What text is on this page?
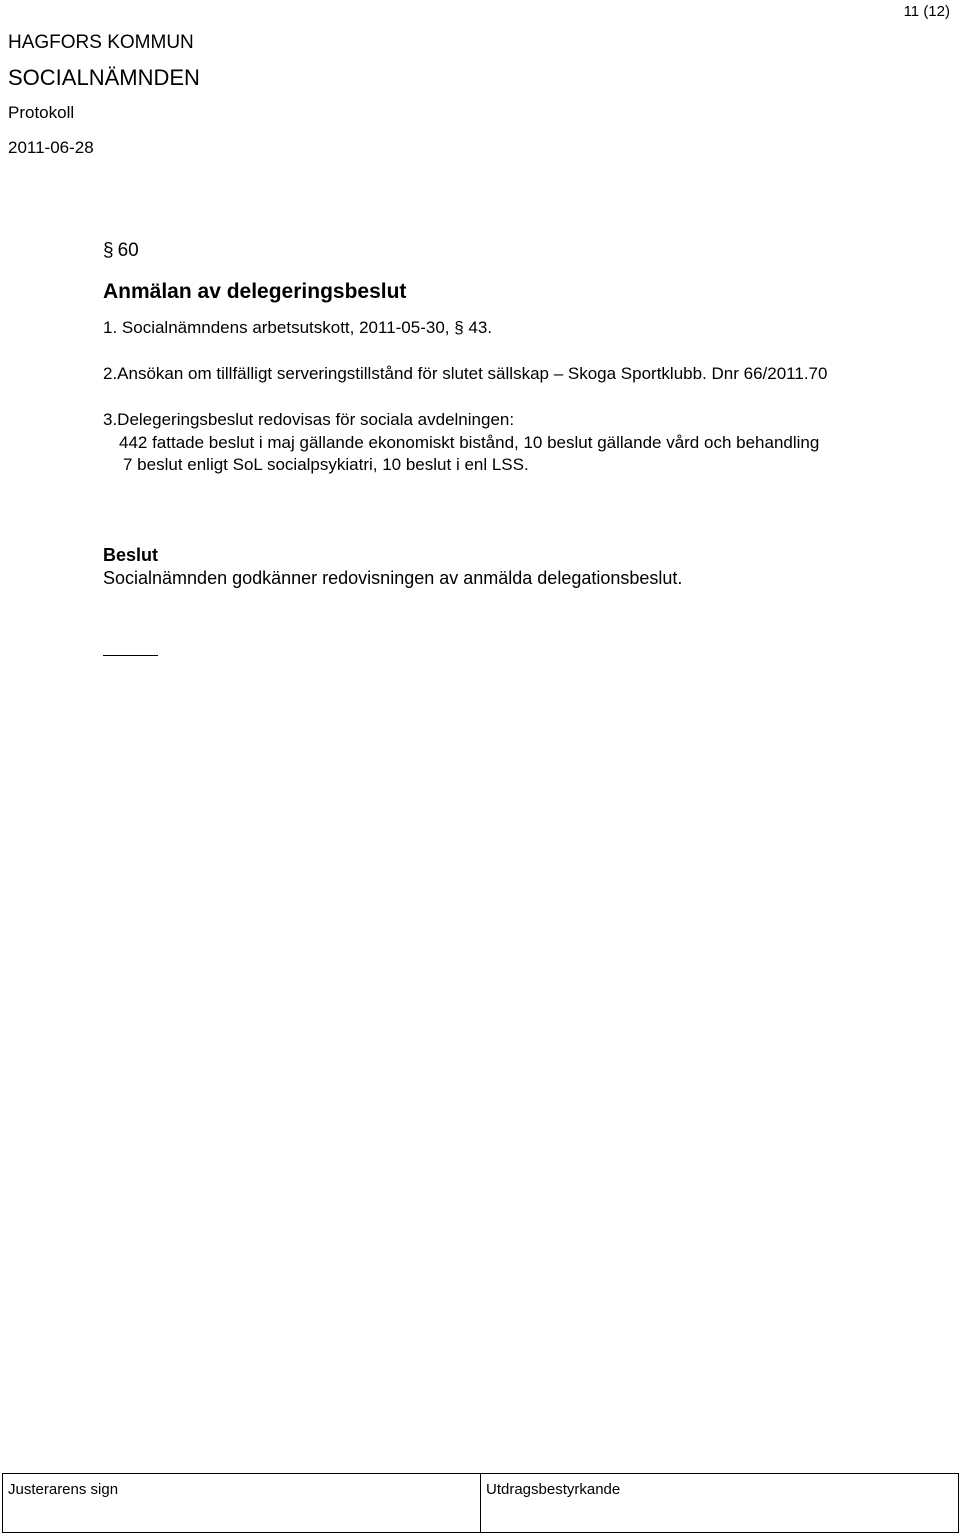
11 (12)
HAGFORS KOMMUN
SOCIALNÄMNDEN
Protokoll
2011-06-28
§ 60
Anmälan av delegeringsbeslut
1. Socialnämndens arbetsutskott, 2011-05-30, § 43.
2.Ansökan om tillfälligt serveringstillstånd för slutet sällskap – Skoga Sportklubb. Dnr 66/2011.70
3.Delegeringsbeslut redovisas för sociala avdelningen:
442 fattade beslut i maj gällande ekonomiskt bistånd, 10 beslut gällande vård och behandling
7 beslut enligt SoL socialpsykiatri, 10 beslut i enl LSS.
Beslut
Socialnämnden godkänner redovisningen av anmälda delegationsbeslut.
Justerarens sign	Utdragsbestyrkande
